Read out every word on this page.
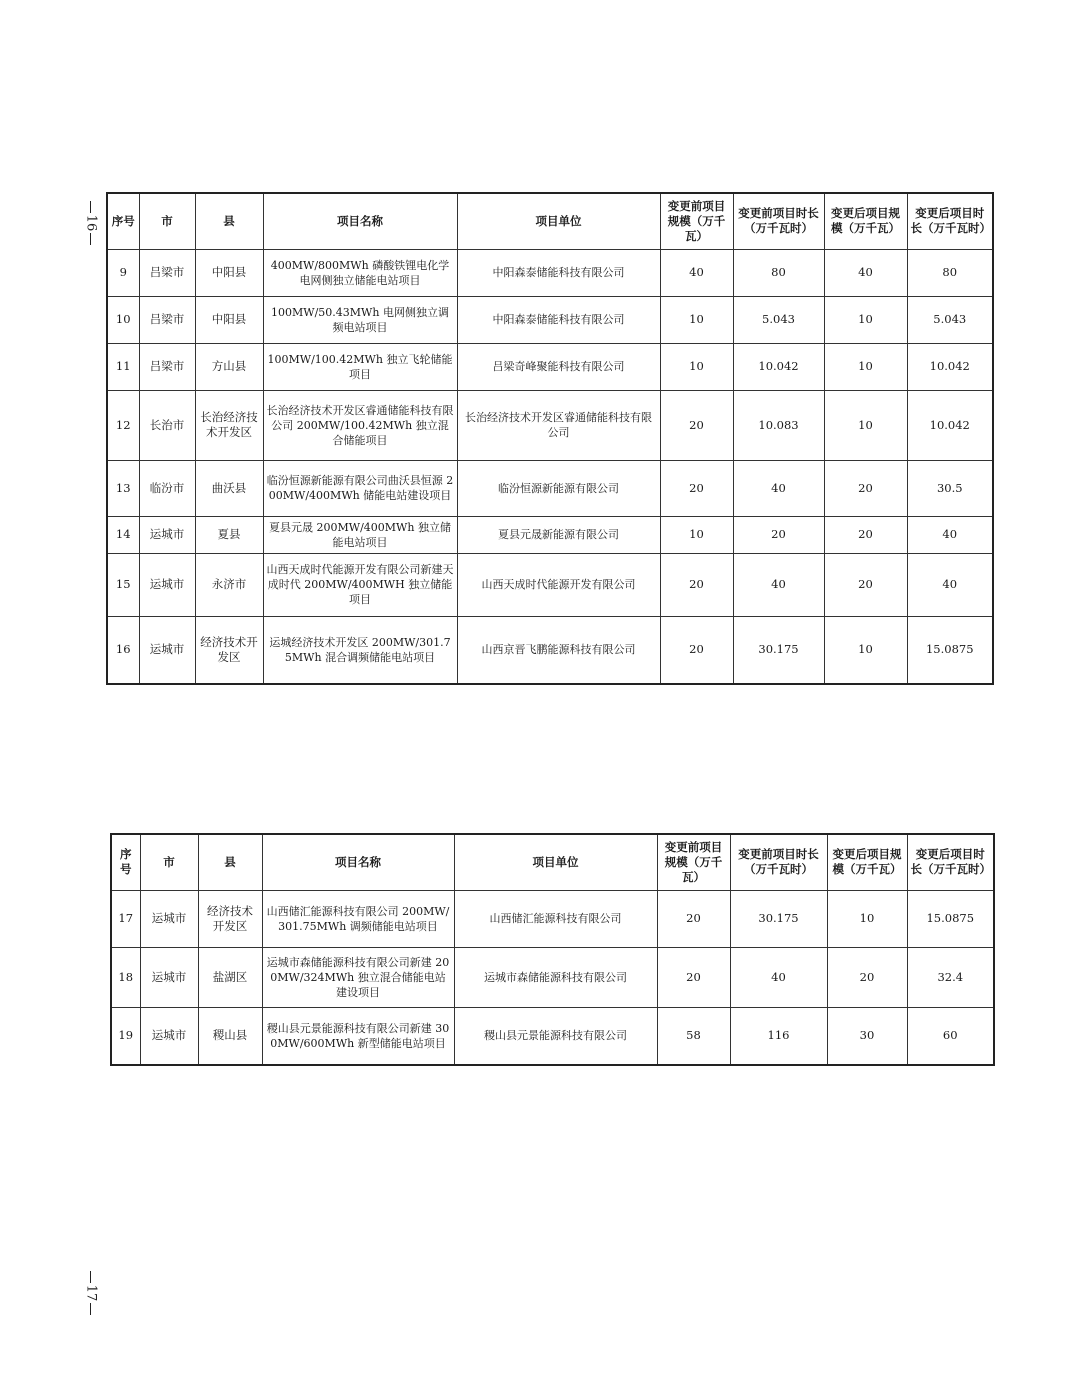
16
17
序号	市	县	项目名称	项目单位	变更前项目规模（万千瓦）	变更前项目时长（万千瓦时）	变更后项目规模（万千瓦）	变更后项目时长（万千瓦时）
9	吕梁市	中阳县	400MW/800MWh 磷酸铁锂电化学电网侧独立储能电站项目	中阳森泰储能科技有限公司	40	80	40	80
10	吕梁市	中阳县	100MW/50.43MWh 电网侧独立调频电站项目	中阳森泰储能科技有限公司	10	5.043	10	5.043
11	吕梁市	方山县	100MW/100.42MWh 独立飞轮储能项目	吕梁奇峰聚能科技有限公司	10	10.042	10	10.042
12	长治市	长治经济技术开发区	长治经济技术开发区睿通储能科技有限公司 200MW/100.42MWh 独立混合储能项目	长治经济技术开发区睿通储能科技有限公司	20	10.083	10	10.042
13	临汾市	曲沃县	临汾恒源新能源有限公司曲沃县恒源 200MW/400MWh 储能电站建设项目	临汾恒源新能源有限公司	20	40	20	30.5
14	运城市	夏县	夏县元晟 200MW/400MWh 独立储能电站项目	夏县元晟新能源有限公司	10	20	20	40
15	运城市	永济市	山西天成时代能源开发有限公司新建天成时代 200MW/400MWH 独立储能项目	山西天成时代能源开发有限公司	20	40	20	40
16	运城市	经济技术开发区	运城经济技术开发区 200MW/301.75MWh 混合调频储能电站项目	山西京晋飞鹏能源科技有限公司	20	30.175	10	15.0875
序号	市	县	项目名称	项目单位	变更前项目规模（万千瓦）	变更前项目时长（万千瓦时）	变更后项目规模（万千瓦）	变更后项目时长（万千瓦时）
17	运城市	经济技术开发区	山西储汇能源科技有限公司 200MW/301.75MWh 调频储能电站项目	山西储汇能源科技有限公司	20	30.175	10	15.0875
18	运城市	盐湖区	运城市森储能源科技有限公司新建 200MW/324MWh 独立混合储能电站建设项目	运城市森储能源科技有限公司	20	40	20	32.4
19	运城市	稷山县	稷山县元景能源科技有限公司新建 300MW/600MWh 新型储能电站项目	稷山县元景能源科技有限公司	58	116	30	60
